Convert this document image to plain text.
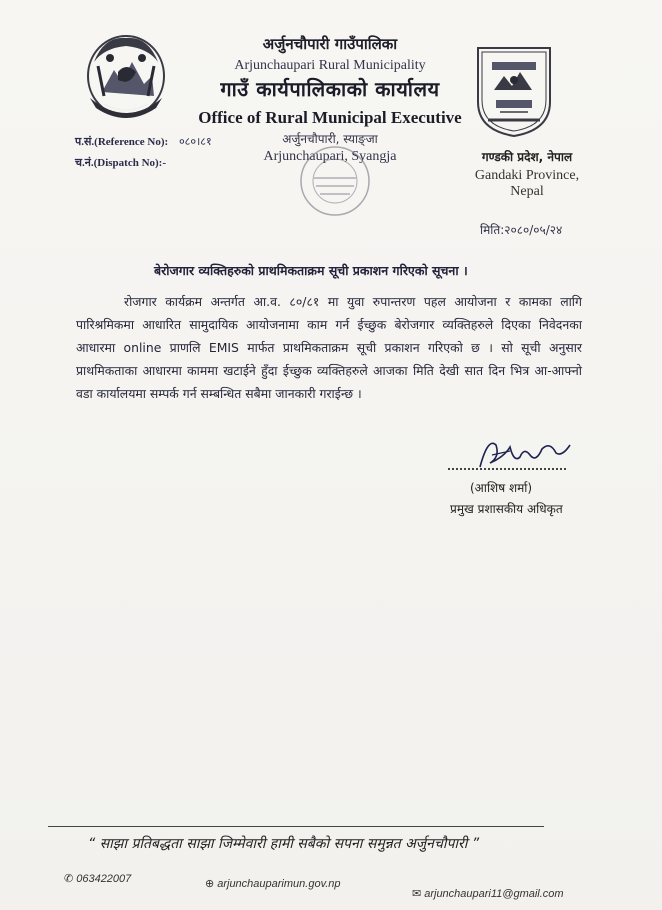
अर्जुनचौपारी गाउँपालिका
Arjunchaupari Rural Municipality
गाउँ कार्यपालिकाको कार्यालय
Office of Rural Municipal Executive
अर्जुनचौपारी, स्याङ्जा
Arjunchaupari, Syangja
प.सं.(Reference No): ०८०।८१
च.नं.(Dispatch No):-	गण्डकी प्रदेश, नेपाल
Gandaki Province, Nepal
मिति:२०८०/०५/२४
बेरोजगार व्यक्तिहरुको प्राथमिकताक्रम सूची प्रकाशन गरिएको सूचना ।
रोजगार कार्यक्रम अन्तर्गत आ.व. ८०/८१ मा युवा रुपान्तरण पहल आयोजना र कामका लागि पारिश्रमिकमा आधारित सामुदायिक आयोजनामा काम गर्न ईच्छुक बेरोजगार व्यक्तिहरुले दिएका निवेदनका आधारमा online प्राणलि EMIS मार्फत प्राथमिकताक्रम सूची प्रकाशन गरिएको छ । सो सूची अनुसार प्राथमिकताका आधारमा काममा खटाईने हुँदा ईच्छुक व्यक्तिहरुले आजका मिति देखी सात दिन भित्र आ-आफ्नो वडा कार्यालयमा सम्पर्क गर्न सम्बन्धित सबैमा जानकारी गराईन्छ ।
(आशिष शर्मा)
प्रमुख प्रशासकीय अधिकृत
“ साझा प्रतिबद्धता साझा जिम्मेवारी हामी सबैको सपना समुन्नत अर्जुनचौपारी ”
✆ 063422007	⊕ arjunchauparimun.gov.np
✉ arjunchaupari11@gmail.com
